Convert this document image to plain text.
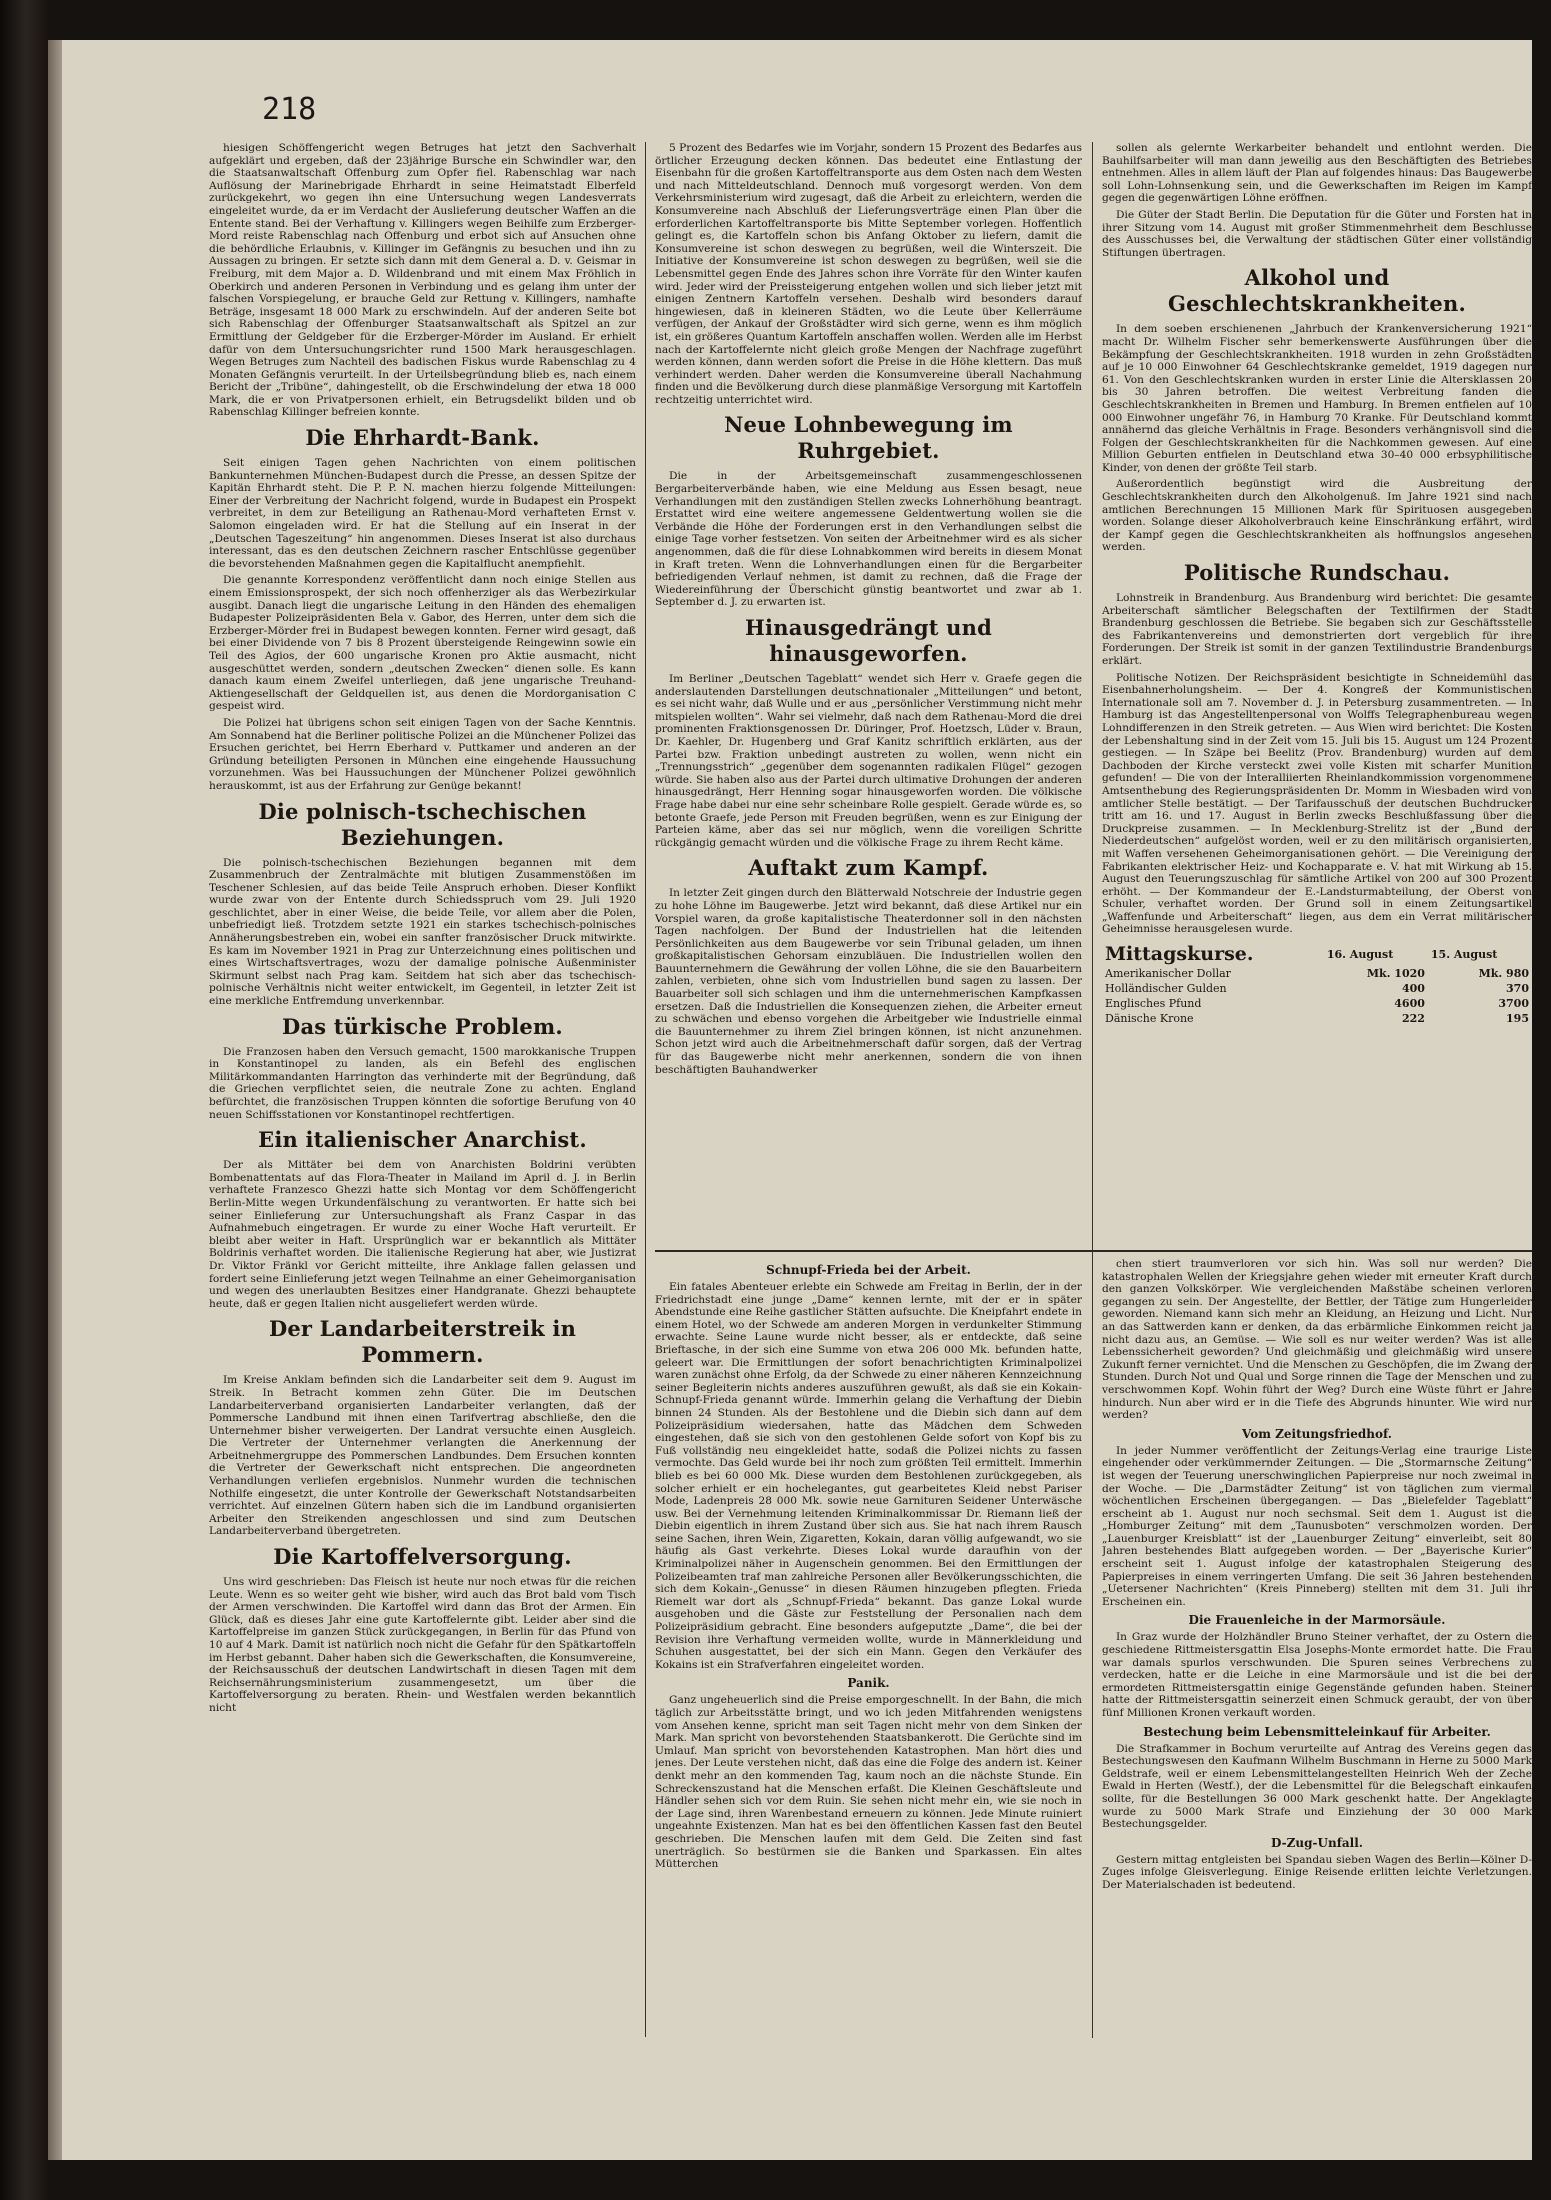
218

hiesigen Schöffengericht wegen Betruges hat jetzt den Sachverhalt aufgeklärt und ergeben, daß der 23jährige Bursche ein Schwindler war, den die Staatsanwaltschaft Offenburg zum Opfer fiel. Rabenschlag war nach Auflösung der Marinebrigade Ehrhardt in seine Heimatstadt Elberfeld zurückgekehrt, wo gegen ihn eine Untersuchung wegen Landesverrats eingeleitet wurde, da er im Verdacht der Auslieferung deutscher Waffen an die Entente stand. Bei der Verhaftung v. Killingers wegen Beihilfe zum Erzberger-Mord reiste Rabenschlag nach Offenburg und erbot sich auf Ansuchen ohne die behördliche Erlaubnis, v. Killinger im Gefängnis zu besuchen und ihn zu Aussagen zu bringen. Er setzte sich dann mit dem General a. D. v. Geismar in Freiburg, mit dem Major a. D. Wildenbrand und mit einem Max Fröhlich in Oberkirch und anderen Personen in Verbindung und es gelang ihm unter der falschen Vorspiegelung, er brauche Geld zur Rettung v. Killingers, namhafte Beträge, insgesamt 18 000 Mark zu erschwindeln. Auf der anderen Seite bot sich Rabenschlag der Offenburger Staatsanwaltschaft als Spitzel an zur Ermittlung der Geldgeber für die Erzberger-Mörder im Ausland. Er erhielt dafür von dem Untersuchungsrichter rund 1500 Mark herausgeschlagen. Wegen Betruges zum Nachteil des badischen Fiskus wurde Rabenschlag zu 4 Monaten Gefängnis verurteilt. In der Urteilsbegründung blieb es, nach einem Bericht der „Tribüne“, dahingestellt, ob die Erschwindelung der etwa 18 000 Mark, die er von Privatpersonen erhielt, ein Betrugsdelikt bilden und ob Rabenschlag Killinger befreien konnte.

Die Ehrhardt-Bank.

Seit einigen Tagen gehen Nachrichten von einem politischen Bankunternehmen München-Budapest durch die Presse, an dessen Spitze der Kapitän Ehrhardt steht. Die P. P. N. machen hierzu folgende Mitteilungen: Einer der Verbreitung der Nachricht folgend, wurde in Budapest ein Prospekt verbreitet, in dem zur Beteiligung an Rathenau-Mord verhafteten Ernst v. Salomon eingeladen wird. Er hat die Stellung auf ein Inserat in der „Deutschen Tageszeitung“ hin angenommen. Dieses Inserat ist also durchaus interessant, das es den deutschen Zeichnern rascher Entschlüsse gegenüber die bevorstehenden Maßnahmen gegen die Kapitalflucht anempfiehlt.

Die genannte Korrespondenz veröffentlicht dann noch einige Stellen aus einem Emissionsprospekt, der sich noch offenherziger als das Werbezirkular ausgibt. Danach liegt die ungarische Leitung in den Händen des ehemaligen Budapester Polizeipräsidenten Bela v. Gabor, des Herren, unter dem sich die Erzberger-Mörder frei in Budapest bewegen konnten. Ferner wird gesagt, daß bei einer Dividende von 7 bis 8 Prozent übersteigende Reingewinn sowie ein Teil des Agios, der 600 ungarische Kronen pro Aktie ausmacht, nicht ausgeschüttet werden, sondern „deutschen Zwecken“ dienen solle. Es kann danach kaum einem Zweifel unterliegen, daß jene ungarische Treuhand-Aktiengesellschaft der Geldquellen ist, aus denen die Mordorganisation C gespeist wird.

Die Polizei hat übrigens schon seit einigen Tagen von der Sache Kenntnis. Am Sonnabend hat die Berliner politische Polizei an die Münchener Polizei das Ersuchen gerichtet, bei Herrn Eberhard v. Puttkamer und anderen an der Gründung beteiligten Personen in München eine eingehende Haussuchung vorzunehmen. Was bei Haussuchungen der Münchener Polizei gewöhnlich herauskommt, ist aus der Erfahrung zur Genüge bekannt!

Die polnisch-tschechischen Beziehungen.

Die polnisch-tschechischen Beziehungen begannen mit dem Zusammenbruch der Zentralmächte mit blutigen Zusammenstößen im Teschener Schlesien, auf das beide Teile Anspruch erhoben. Dieser Konflikt wurde zwar von der Entente durch Schiedsspruch vom 29. Juli 1920 geschlichtet, aber in einer Weise, die beide Teile, vor allem aber die Polen, unbefriedigt ließ. Trotzdem setzte 1921 ein starkes tschechisch-polnisches Annäherungsbestreben ein, wobei ein sanfter französischer Druck mitwirkte. Es kam im November 1921 in Prag zur Unterzeichnung eines politischen und eines Wirtschaftsvertrages, wozu der damalige polnische Außenminister Skirmunt selbst nach Prag kam. Seitdem hat sich aber das tschechisch-polnische Verhältnis nicht weiter entwickelt, im Gegenteil, in letzter Zeit ist eine merkliche Entfremdung unverkennbar.

Das türkische Problem.

Die Franzosen haben den Versuch gemacht, 1500 marokkanische Truppen in Konstantinopel zu landen, als ein Befehl des englischen Militärkommandanten Harrington das verhinderte mit der Begründung, daß die Griechen verpflichtet seien, die neutrale Zone zu achten. England befürchtet, die französischen Truppen könnten die sofortige Berufung von 40 neuen Schiffsstationen vor Konstantinopel rechtfertigen.

Ein italienischer Anarchist.

Der als Mittäter bei dem von Anarchisten Boldrini verübten Bombenattentats auf das Flora-Theater in Mailand im April d. J. in Berlin verhaftete Franzesco Ghezzi hatte sich Montag vor dem Schöffengericht Berlin-Mitte wegen Urkundenfälschung zu verantworten. Er hatte sich bei seiner Einlieferung zur Untersuchungshaft als Franz Caspar in das Aufnahmebuch eingetragen. Er wurde zu einer Woche Haft verurteilt. Er bleibt aber weiter in Haft. Ursprünglich war er bekanntlich als Mittäter Boldrinis verhaftet worden. Die italienische Regierung hat aber, wie Justizrat Dr. Viktor Fränkl vor Gericht mitteilte, ihre Anklage fallen gelassen und fordert seine Einlieferung jetzt wegen Teilnahme an einer Geheimorganisation und wegen des unerlaubten Besitzes einer Handgranate. Ghezzi behauptete heute, daß er gegen Italien nicht ausgeliefert werden würde.

Der Landarbeiterstreik in Pommern.

Im Kreise Anklam befinden sich die Landarbeiter seit dem 9. August im Streik. In Betracht kommen zehn Güter. Die im Deutschen Landarbeiterverband organisierten Landarbeiter verlangten, daß der Pommersche Landbund mit ihnen einen Tarifvertrag abschließe, den die Unternehmer bisher verweigerten. Der Landrat versuchte einen Ausgleich. Die Vertreter der Unternehmer verlangten die Anerkennung der Arbeitnehmergruppe des Pommerschen Landbundes. Dem Ersuchen konnten die Vertreter der Gewerkschaft nicht entsprechen. Die angeordneten Verhandlungen verliefen ergebnislos. Nunmehr wurden die technischen Nothilfe eingesetzt, die unter Kontrolle der Gewerkschaft Notstandsarbeiten verrichtet. Auf einzelnen Gütern haben sich die im Landbund organisierten Arbeiter den Streikenden angeschlossen und sind zum Deutschen Landarbeiterverband übergetreten.

Die Kartoffelversorgung.

Uns wird geschrieben: Das Fleisch ist heute nur noch etwas für die reichen Leute. Wenn es so weiter geht wie bisher, wird auch das Brot bald vom Tisch der Armen verschwinden. Die Kartoffel wird dann das Brot der Armen. Ein Glück, daß es dieses Jahr eine gute Kartoffelernte gibt. Leider aber sind die Kartoffelpreise im ganzen Stück zurückgegangen, in Berlin für das Pfund von 10 auf 4 Mark. Damit ist natürlich noch nicht die Gefahr für den Spätkartoffeln im Herbst gebannt. Daher haben sich die Gewerkschaften, die Konsumvereine, der Reichsausschuß der deutschen Landwirtschaft in diesen Tagen mit dem Reichsernährungsministerium zusammengesetzt, um über die Kartoffelversorgung zu beraten. Rhein- und Westfalen werden bekanntlich nicht

5 Prozent des Bedarfes wie im Vorjahr, sondern 15 Prozent des Bedarfes aus örtlicher Erzeugung decken können. Das bedeutet eine Entlastung der Eisenbahn für die großen Kartoffeltransporte aus dem Osten nach dem Westen und nach Mitteldeutschland. Dennoch muß vorgesorgt werden. Von dem Verkehrsministerium wird zugesagt, daß die Arbeit zu erleichtern, werden die Konsumvereine nach Abschluß der Lieferungsverträge einen Plan über die erforderlichen Kartoffeltransporte bis Mitte September vorlegen. Hoffentlich gelingt es, die Kartoffeln schon bis Anfang Oktober zu liefern, damit die Konsumvereine ist schon deswegen zu begrüßen, weil die Winterszeit. Die Initiative der Konsumvereine ist schon deswegen zu begrüßen, weil sie die Lebensmittel gegen Ende des Jahres schon ihre Vorräte für den Winter kaufen wird. Jeder wird der Preissteigerung entgehen wollen und sich lieber jetzt mit einigen Zentnern Kartoffeln versehen. Deshalb wird besonders darauf hingewiesen, daß in kleineren Städten, wo die Leute über Kellerräume verfügen, der Ankauf der Großstädter wird sich gerne, wenn es ihm möglich ist, ein größeres Quantum Kartoffeln anschaffen wollen. Werden alle im Herbst nach der Kartoffelernte nicht gleich große Mengen der Nachfrage zugeführt werden können, dann werden sofort die Preise in die Höhe klettern. Das muß verhindert werden. Daher werden die Konsumvereine überall Nachahmung finden und die Bevölkerung durch diese planmäßige Versorgung mit Kartoffeln rechtzeitig unterrichtet wird.

Neue Lohnbewegung im Ruhrgebiet.

Die in der Arbeitsgemeinschaft zusammengeschlossenen Bergarbeiterverbände haben, wie eine Meldung aus Essen besagt, neue Verhandlungen mit den zuständigen Stellen zwecks Lohnerhöhung beantragt. Erstattet wird eine weitere angemessene Geldentwertung wollen sie die Verbände die Höhe der Forderungen erst in den Verhandlungen selbst die einige Tage vorher festsetzen. Von seiten der Arbeitnehmer wird es als sicher angenommen, daß die für diese Lohnabkommen wird bereits in diesem Monat in Kraft treten. Wenn die Lohnverhandlungen einen für die Bergarbeiter befriedigenden Verlauf nehmen, ist damit zu rechnen, daß die Frage der Wiedereinführung der Überschicht günstig beantwortet und zwar ab 1. September d. J. zu erwarten ist.

Hinausgedrängt und hinausgeworfen.

Im Berliner „Deutschen Tageblatt“ wendet sich Herr v. Graefe gegen die anderslautenden Darstellungen deutschnationaler „Mitteilungen“ und betont, es sei nicht wahr, daß Wulle und er aus „persönlicher Verstimmung nicht mehr mitspielen wollten“. Wahr sei vielmehr, daß nach dem Rathenau-Mord die drei prominenten Fraktionsgenossen Dr. Düringer, Prof. Hoetzsch, Lüder v. Braun, Dr. Kaehler, Dr. Hugenberg und Graf Kanitz schriftlich erklärten, aus der Partei bzw. Fraktion unbedingt austreten zu wollen, wenn nicht ein „Trennungsstrich“ „gegenüber dem sogenannten radikalen Flügel“ gezogen würde. Sie haben also aus der Partei durch ultimative Drohungen der anderen hinausgedrängt, Herr Henning sogar hinausgeworfen worden. Die völkische Frage habe dabei nur eine sehr scheinbare Rolle gespielt. Gerade würde es, so betonte Graefe, jede Person mit Freuden begrüßen, wenn es zur Einigung der Parteien käme, aber das sei nur möglich, wenn die voreiligen Schritte rückgängig gemacht würden und die völkische Frage zu ihrem Recht käme.

Auftakt zum Kampf.

In letzter Zeit gingen durch den Blätterwald Notschreie der Industrie gegen zu hohe Löhne im Baugewerbe. Jetzt wird bekannt, daß diese Artikel nur ein Vorspiel waren, da große kapitalistische Theaterdonner soll in den nächsten Tagen nachfolgen. Der Bund der Industriellen hat die leitenden Persönlichkeiten aus dem Baugewerbe vor sein Tribunal geladen, um ihnen großkapitalistischen Gehorsam einzubläuen. Die Industriellen wollen den Bauunternehmern die Gewährung der vollen Löhne, die sie den Bauarbeitern zahlen, verbieten, ohne sich vom Industriellen bund sagen zu lassen. Der Bauarbeiter soll sich schlagen und ihm die unternehmerischen Kampfkassen ersetzen. Daß die Industriellen die Konsequenzen ziehen, die Arbeiter erneut zu schwächen und ebenso vorgehen die Arbeitgeber wie Industrielle einmal die Bauunternehmer zu ihrem Ziel bringen können, ist nicht anzunehmen. Schon jetzt wird auch die Arbeitnehmerschaft dafür sorgen, daß der Vertrag für das Baugewerbe nicht mehr anerkennen, sondern die von ihnen beschäftigten Bauhandwerker

sollen als gelernte Werkarbeiter behandelt und entlohnt werden. Die Bauhilfsarbeiter will man dann jeweilig aus den Beschäftigten des Betriebes entnehmen. Alles in allem läuft der Plan auf folgendes hinaus: Das Baugewerbe soll Lohn-Lohnsenkung sein, und die Gewerkschaften im Reigen im Kampf gegen die gegenwärtigen Löhne eröffnen.

Die Güter der Stadt Berlin. Die Deputation für die Güter und Forsten hat in ihrer Sitzung vom 14. August mit großer Stimmenmehrheit dem Beschlusse des Ausschusses bei, die Verwaltung der städtischen Güter einer vollständig Stiftungen übertragen.

Alkohol und Geschlechtskrankheiten.

In dem soeben erschienenen „Jahrbuch der Krankenversicherung 1921“ macht Dr. Wilhelm Fischer sehr bemerkenswerte Ausführungen über die Bekämpfung der Geschlechtskrankheiten. 1918 wurden in zehn Großstädten auf je 10 000 Einwohner 64 Geschlechtskranke gemeldet, 1919 dagegen nur 61. Von den Geschlechtskranken wurden in erster Linie die Altersklassen 20 bis 30 Jahren betroffen. Die weitest Verbreitung fanden die Geschlechtskrankheiten in Bremen und Hamburg. In Bremen entfielen auf 10 000 Einwohner ungefähr 76, in Hamburg 70 Kranke. Für Deutschland kommt annähernd das gleiche Verhältnis in Frage. Besonders verhängnisvoll sind die Folgen der Geschlechtskrankheiten für die Nachkommen gewesen. Auf eine Million Geburten entfielen in Deutschland etwa 30–40 000 erbsyphilitische Kinder, von denen der größte Teil starb.

Außerordentlich begünstigt wird die Ausbreitung der Geschlechtskrankheiten durch den Alkoholgenuß. Im Jahre 1921 sind nach amtlichen Berechnungen 15 Millionen Mark für Spirituosen ausgegeben worden. Solange dieser Alkoholverbrauch keine Einschränkung erfährt, wird der Kampf gegen die Geschlechtskrankheiten als hoffnungslos angesehen werden.

Politische Rundschau.

Lohnstreik in Brandenburg. Aus Brandenburg wird berichtet: Die gesamte Arbeiterschaft sämtlicher Belegschaften der Textilfirmen der Stadt Brandenburg geschlossen die Betriebe. Sie begaben sich zur Geschäftsstelle des Fabrikantenvereins und demonstrierten dort vergeblich für ihre Forderungen. Der Streik ist somit in der ganzen Textilindustrie Brandenburgs erklärt.

Politische Notizen. Der Reichspräsident besichtigte in Schneidemühl das Eisenbahnerholungsheim. — Der 4. Kongreß der Kommunistischen Internationale soll am 7. November d. J. in Petersburg zusammentreten. — In Hamburg ist das Angestelltenpersonal von Wolffs Telegraphenbureau wegen Lohndifferenzen in den Streik getreten. — Aus Wien wird berichtet: Die Kosten der Lebenshaltung sind in der Zeit vom 15. Juli bis 15. August um 124 Prozent gestiegen. — In Szäpe bei Beelitz (Prov. Brandenburg) wurden auf dem Dachboden der Kirche versteckt zwei volle Kisten mit scharfer Munition gefunden! — Die von der Interalliierten Rheinlandkommission vorgenommene Amtsenthebung des Regierungspräsidenten Dr. Momm in Wiesbaden wird von amtlicher Stelle bestätigt. — Der Tarifausschuß der deutschen Buchdrucker tritt am 16. und 17. August in Berlin zwecks Beschlußfassung über die Druckpreise zusammen. — In Mecklenburg-Strelitz ist der „Bund der Niederdeutschen“ aufgelöst worden, weil er zu den militärisch organisierten, mit Waffen versehenen Geheimorganisationen gehört. — Die Vereinigung der Fabrikanten elektrischer Heiz- und Kochapparate e. V. hat mit Wirkung ab 15. August den Teuerungszuschlag für sämtliche Artikel von 200 auf 300 Prozent erhöht. — Der Kommandeur der E.-Landsturmabteilung, der Oberst von Schuler, verhaftet worden. Der Grund soll in einem Zeitungsartikel „Waffenfunde und Arbeiterschaft“ liegen, aus dem ein Verrat militärischer Geheimnisse herausgelesen wurde.

Mittagskurse.	16. August	15. August
Amerikanischer Dollar	Mk. 1020	Mk. 980
Holländischer Gulden	400	370
Englisches Pfund	4600	3700
Dänische Krone	222	195
Schnupf-Frieda bei der Arbeit.

Ein fatales Abenteuer erlebte ein Schwede am Freitag in Berlin, der in der Friedrichstadt eine junge „Dame“ kennen lernte, mit der er in später Abendstunde eine Reihe gastlicher Stätten aufsuchte. Die Kneipfahrt endete in einem Hotel, wo der Schwede am anderen Morgen in verdunkelter Stimmung erwachte. Seine Laune wurde nicht besser, als er entdeckte, daß seine Brieftasche, in der sich eine Summe von etwa 206 000 Mk. befunden hatte, geleert war. Die Ermittlungen der sofort benachrichtigten Kriminalpolizei waren zunächst ohne Erfolg, da der Schwede zu einer näheren Kennzeichnung seiner Begleiterin nichts anderes auszuführen gewußt, als daß sie ein Kokain-Schnupf-Frieda genannt würde. Immerhin gelang die Verhaftung der Diebin binnen 24 Stunden. Als der Bestohlene und die Diebin sich dann auf dem Polizeipräsidium wiedersahen, hatte das Mädchen dem Schweden eingestehen, daß sie sich von den gestohlenen Gelde sofort von Kopf bis zu Fuß vollständig neu eingekleidet hatte, sodaß die Polizei nichts zu fassen vermochte. Das Geld wurde bei ihr noch zum größten Teil ermittelt. Immerhin blieb es bei 60 000 Mk. Diese wurden dem Bestohlenen zurückgegeben, als solcher erhielt er ein hochelegantes, gut gearbeitetes Kleid nebst Pariser Mode, Ladenpreis 28 000 Mk. sowie neue Garnituren Seidener Unterwäsche usw. Bei der Vernehmung leitenden Kriminalkommissar Dr. Riemann ließ der Diebin eigentlich in ihrem Zustand über sich aus. Sie hat nach ihrem Rausch seine Sachen, ihren Wein, Zigaretten, Kokain, daran völlig aufgewandt, wo sie häufig als Gast verkehrte. Dieses Lokal wurde daraufhin von der Kriminalpolizei näher in Augenschein genommen. Bei den Ermittlungen der Polizeibeamten traf man zahlreiche Personen aller Bevölkerungsschichten, die sich dem Kokain-„Genusse“ in diesen Räumen hinzugeben pflegten. Frieda Riemelt war dort als „Schnupf-Frieda“ bekannt. Das ganze Lokal wurde ausgehoben und die Gäste zur Feststellung der Personalien nach dem Polizeipräsidium gebracht. Eine besonders aufgeputzte „Dame“, die bei der Revision ihre Verhaftung vermeiden wollte, wurde in Männerkleidung und Schuhen ausgestattet, bei der sich ein Mann. Gegen den Verkäufer des Kokains ist ein Strafverfahren eingeleitet worden.

Panik.

Ganz ungeheuerlich sind die Preise emporgeschnellt. In der Bahn, die mich täglich zur Arbeitsstätte bringt, und wo ich jeden Mitfahrenden wenigstens vom Ansehen kenne, spricht man seit Tagen nicht mehr von dem Sinken der Mark. Man spricht von bevorstehenden Staatsbankerott. Die Gerüchte sind im Umlauf. Man spricht von bevorstehenden Katastrophen. Man hört dies und jenes. Der Leute verstehen nicht, daß das eine die Folge des andern ist. Keiner denkt mehr an den kommenden Tag, kaum noch an die nächste Stunde. Ein Schreckenszustand hat die Menschen erfaßt. Die Kleinen Geschäftsleute und Händler sehen sich vor dem Ruin. Sie sehen nicht mehr ein, wie sie noch in der Lage sind, ihren Warenbestand erneuern zu können. Jede Minute ruiniert ungeahnte Existenzen. Man hat es bei den öffentlichen Kassen fast den Beutel geschrieben. Die Menschen laufen mit dem Geld. Die Zeiten sind fast unerträglich. So bestürmen sie die Banken und Sparkassen. Ein altes Mütterchen

chen stiert traumverloren vor sich hin. Was soll nur werden? Die katastrophalen Wellen der Kriegsjahre gehen wieder mit erneuter Kraft durch den ganzen Volkskörper. Wie vergleichenden Maßstäbe scheinen verloren gegangen zu sein. Der Angestellte, der Bettler, der Tätige zum Hungerleider geworden. Niemand kann sich mehr an Kleidung, an Heizung und Licht. Nur an das Sattwerden kann er denken, da das erbärmliche Einkommen reicht ja nicht dazu aus, an Gemüse. — Wie soll es nur weiter werden? Was ist alle Lebenssicherheit geworden? Und gleichmäßig und gleichmäßig wird unsere Zukunft ferner vernichtet. Und die Menschen zu Geschöpfen, die im Zwang der Stunden. Durch Not und Qual und Sorge rinnen die Tage der Menschen und zu verschwommen Kopf. Wohin führt der Weg? Durch eine Wüste führt er Jahre hindurch. Nun aber wird er in die Tiefe des Abgrunds hinunter. Wie wird nur werden?

Vom Zeitungsfriedhof.

In jeder Nummer veröffentlicht der Zeitungs-Verlag eine traurige Liste eingehender oder verkümmernder Zeitungen. — Die „Stormarnsche Zeitung“ ist wegen der Teuerung unerschwinglichen Papierpreise nur noch zweimal in der Woche. — Die „Darmstädter Zeitung“ ist von täglichen zum viermal wöchentlichen Erscheinen übergegangen. — Das „Bielefelder Tageblatt“ erscheint ab 1. August nur noch sechsmal. Seit dem 1. August ist die „Homburger Zeitung“ mit dem „Taunusboten“ verschmolzen worden. Der „Lauenburger Kreisblatt“ ist der „Lauenburger Zeitung“ einverleibt, seit 80 Jahren bestehendes Blatt aufgegeben worden. — Der „Bayerische Kurier“ erscheint seit 1. August infolge der katastrophalen Steigerung des Papierpreises in einem verringerten Umfang. Die seit 36 Jahren bestehenden „Uetersener Nachrichten“ (Kreis Pinneberg) stellten mit dem 31. Juli ihr Erscheinen ein.

Die Frauenleiche in der Marmorsäule.

In Graz wurde der Holzhändler Bruno Steiner verhaftet, der zu Ostern die geschiedene Rittmeistersgattin Elsa Josephs-Monte ermordet hatte. Die Frau war damals spurlos verschwunden. Die Spuren seines Verbrechens zu verdecken, hatte er die Leiche in eine Marmorsäule und ist die bei der ermordeten Rittmeistersgattin einige Gegenstände gefunden haben. Steiner hatte der Rittmeistersgattin seinerzeit einen Schmuck geraubt, der von über fünf Millionen Kronen verkauft worden.

Bestechung beim Lebensmitteleinkauf für Arbeiter.

Die Strafkammer in Bochum verurteilte auf Antrag des Vereins gegen das Bestechungswesen den Kaufmann Wilhelm Buschmann in Herne zu 5000 Mark Geldstrafe, weil er einem Lebensmittelangestellten Heinrich Weh der Zeche Ewald in Herten (Westf.), der die Lebensmittel für die Belegschaft einkaufen sollte, für die Bestellungen 36 000 Mark geschenkt hatte. Der Angeklagte wurde zu 5000 Mark Strafe und Einziehung der 30 000 Mark Bestechungsgelder.

D-Zug-Unfall.

Gestern mittag entgleisten bei Spandau sieben Wagen des Berlin—Kölner D-Zuges infolge Gleisverlegung. Einige Reisende erlitten leichte Verletzungen. Der Materialschaden ist bedeutend.
